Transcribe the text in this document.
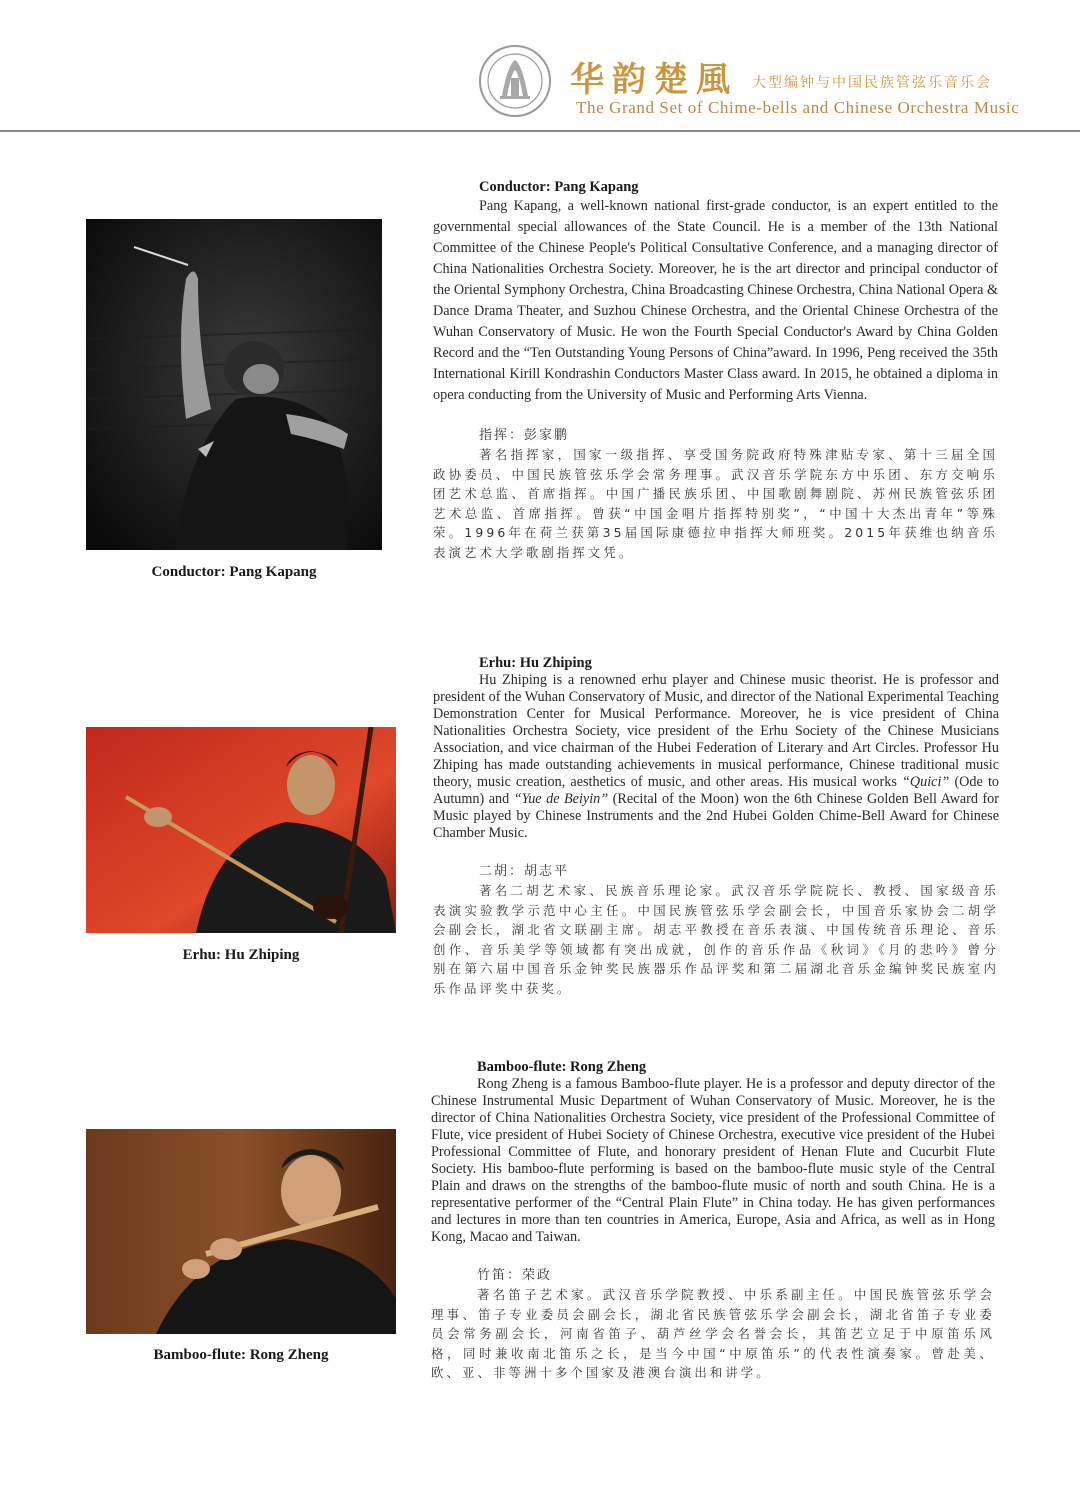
华韵楚風 大型编钟与中国民族管弦乐音乐会
The Grand Set of Chime-bells and Chinese Orchestra Music
Conductor: Pang Kapang
Conductor: Pang Kapang

Pang Kapang, a well-known national first-grade conductor, is an expert entitled to the governmental special allowances of the State Council. He is a member of the 13th National Committee of the Chinese People's Political Consultative Conference, and a managing director of China Nationalities Orchestra Society. Moreover, he is the art director and principal conductor of the Oriental Symphony Orchestra, China Broadcasting Chinese Orchestra, China National Opera & Dance Drama Theater, and Suzhou Chinese Orchestra, and the Oriental Chinese Orchestra of the Wuhan Conservatory of Music. He won the Fourth Special Conductor's Award by China Golden Record and the “Ten Outstanding Young Persons of China”award. In 1996, Peng received the 35th International Kirill Kondrashin Conductors Master Class award. In 2015, he obtained a diploma in opera conducting from the University of Music and Performing Arts Vienna.

指挥：彭家鹏

著名指挥家，国家一级指挥、享受国务院政府特殊津贴专家、第十三届全国政协委员、中国民族管弦乐学会常务理事。武汉音乐学院东方中乐团、东方交响乐团艺术总监、首席指挥。中国广播民族乐团、中国歌剧舞剧院、苏州民族管弦乐团艺术总监、首席指挥。曾获“中国金唱片指挥特别奖”，“中国十大杰出青年”等殊荣。1996年在荷兰获第35届国际康德拉申指挥大师班奖。2015年获维也纳音乐表演艺术大学歌剧指挥文凭。

Erhu: Hu Zhiping
Erhu: Hu Zhiping

Hu Zhiping is a renowned erhu player and Chinese music theorist. He is professor and president of the Wuhan Conservatory of Music, and director of the National Experimental Teaching Demonstration Center for Musical Performance. Moreover, he is vice president of China Nationalities Orchestra Society, vice president of the Erhu Society of the Chinese Musicians Association, and vice chairman of the Hubei Federation of Literary and Art Circles. Professor Hu Zhiping has made outstanding achievements in musical performance, Chinese traditional music theory, music creation, aesthetics of music, and other areas. His musical works “Quici” (Ode to Autumn) and “Yue de Beiyin” (Recital of the Moon) won the 6th Chinese Golden Bell Award for Music played by Chinese Instruments and the 2nd Hubei Golden Chime-Bell Award for Chinese Chamber Music.

二胡：胡志平

著名二胡艺术家、民族音乐理论家。武汉音乐学院院长、教授、国家级音乐表演实验教学示范中心主任。中国民族管弦乐学会副会长，中国音乐家协会二胡学会副会长，湖北省文联副主席。胡志平教授在音乐表演、中国传统音乐理论、音乐创作、音乐美学等领域都有突出成就，创作的音乐作品《秋词》《月的悲吟》曾分别在第六届中国音乐金钟奖民族器乐作品评奖和第二届湖北音乐金编钟奖民族室内乐作品评奖中获奖。

Bamboo-flute: Rong Zheng
Bamboo-flute: Rong Zheng

Rong Zheng is a famous Bamboo-flute player. He is a professor and deputy director of the Chinese Instrumental Music Department of Wuhan Conservatory of Music. Moreover, he is the director of China Nationalities Orchestra Society, vice president of the Professional Committee of Flute, vice president of Hubei Society of Chinese Orchestra, executive vice president of the Hubei Professional Committee of Flute, and honorary president of Henan Flute and Cucurbit Flute Society. His bamboo-flute performing is based on the bamboo-flute music style of the Central Plain and draws on the strengths of the bamboo-flute music of north and south China. He is a representative performer of the “Central Plain Flute” in China today. He has given performances and lectures in more than ten countries in America, Europe, Asia and Africa, as well as in Hong Kong, Macao and Taiwan.

竹笛：荣政

著名笛子艺术家。武汉音乐学院教授、中乐系副主任。中国民族管弦乐学会理事、笛子专业委员会副会长，湖北省民族管弦乐学会副会长，湖北省笛子专业委员会常务副会长，河南省笛子、葫芦丝学会名誉会长，其笛艺立足于中原笛乐风格，同时兼收南北笛乐之长，是当今中国“中原笛乐”的代表性演奏家。曾赴美、欧、亚、非等洲十多个国家及港澳台演出和讲学。
